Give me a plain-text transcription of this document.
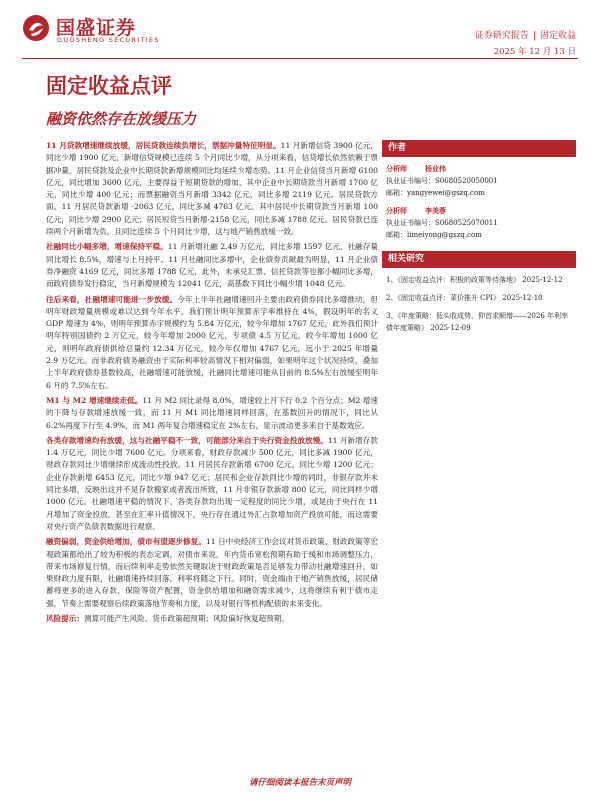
国盛证券
GUOSHENG SECURITIES	证券研究报告 | 固定收益
2025 年 12 月 13 日
固定收益点评
融资依然存在放缓压力

11 月贷款增速继续放缓，居民贷款连续负增长，票据冲量特征明显。11 月新增信贷 3900 亿元，同比少增 1900 亿元，新增信贷规模已连续 5 个月同比少增，从分项来看，信贷增长依然依赖于票据冲量，居民贷款及企业中长期贷款新增规模同比均延续少增态势。11 月企业信贷当月新增 6100 亿元，同比增加 3600 亿元，主要得益于短期贷款的增加，其中企业中长期贷款当月新增 1700 亿元，同比少增 400 亿元；而票据融资当月新增 3342 亿元，同比多增 2119 亿元。居民贷款方面，11 月居民贷款新增 -2063 亿元，同比多减 4763 亿元。其中居民中长期贷款当月新增 100 亿元，同比少增 2900 亿元；居民短贷当月新增-2158 亿元，同比多减 1788 亿元。居民贷款已连续两个月新增为负，且同比连续 5 个月同比少增，这与地产销售放缓一致。

社融同比小幅多增，增速保持平稳。11 月新增社融 2.49 万亿元，同比多增 1597 亿元，社融存量同比增长 8.5%，增速与上月持平。11 月社融同比多增中，企业债券贡献最为明显，11 月企业债券净融资 4169 亿元，同比多增 1788 亿元，此外，未承兑汇票、信托贷款等也都小幅同比多增，而政府债券发行稳定，当月新增规模为 12041 亿元，高基数下同比小幅少增 1048 亿元。

往后来看，社融增速可能进一步放缓。今年上半年社融增速回升主要由政府债券同比多增推动，但明年财政增量规模或难以达到今年水平，我们预计明年预算赤字率维持在 4%，假设明年的名义 GDP 增速为 4%，则明年预算赤字规模约为 5.84 万亿元，较今年增加 1767 亿元，此外我们预计明年特别国债约 2 万亿元，较今年增加 2000 亿元，专项债 4.5 万亿元，较今年增加 1000 亿元，则明年政府债供给总量约 12.34 万亿元，较今年仅增加 4767 亿元，远小于 2025 年增量 2.9 万亿元。而非政府债务融资由于实际利率较高情况下相对偏弱，如果明年这个状况持续，叠加上半年政府债券基数较高，社融增速可能放缓，社融同比增速可能从目前的 8.5%左右放缓至明年 6 月的 7.5%左右。

M1 与 M2 增速继续走低。11 月 M2 同比录得 8.0%，增速较上月下行 0.2 个百分点；M2 增速的下降与存款增速放缓一致，而 11 月 M1 同比增速同样回落，在基数回升的情况下，同比从 6.2%再度下行至 4.9%，而 M1 两年复合增速稳定在 2%左右，显示波动更多来自于基数效应。

各类存款增速均有放缓，这与社融平稳不一致，可能部分来自于央行资金投放放慢。11 月新增存款 1.4 万亿元，同比少增 7600 亿元。分项来看，财政存款减少 500 亿元，同比多减 1900 亿元，财政存款同比少增继续形成流动性投放。11 月居民存款新增 6700 亿元，同比少增 1200 亿元；企业存款新增 6453 亿元，同比少增 947 亿元；居民和企业存款同比少增的同时，非银存款并未同比多增，反映出这并不是存款搬家或者流出所致，11 月非银存款新增 800 亿元，同比同样少增 1000 亿元。社融增速平稳的情况下，各类存款均出现一定程度的同比少增，或是由于央行在 11 月增加了资金投放。甚至在汇率升值情况下，央行存在通过外汇占款增加资产投放可能，而这需要对央行资产负债表数据进行观察。

融资偏弱，资金供给增加，债市有望逐步修复。11 日中央经济工作会议对货币政策、财政政策等宏观政策都给出了较为积极的表态定调，对债市来说，年内货币宽松预期有助于缓和市场调整压力，带来市场修复行情，而后续利率走势依然关键取决于财政政策是否足够发力带动社融增速回升，如果财政力度有限，社融增速持续回落，利率将随之下行。同时，资金端由于地产销售放缓，居民储蓄将更多的进入存款、保险等资产配置，资金供给增加和融资需求减少，这将继续有利于债市走强，节奏上需要观察后续政策落地节奏和力度，以及对银行等机构配债的未来变化。

风险提示：测算可能产生风险、货币政策超预期；风险偏好恢复超预期。

作者
分析师	杨业伟
执业证书编号：S0680520050001
邮箱：yangyewei@gszq.com
分析师	李美蓉
执业证书编号：S0680525070011
邮箱：limeiyong@gszq.com
相关研究
1、《固定收益点评：积极的政策等待落地》 2025-12-12
2、《固定收益点评：菜价推升 CPI》 2025-12-10
3、《年度策略：低头收成势，仰首求顺增——2026 年利率债年度策略》 2025-12-09
请仔细阅读本报告末页声明
